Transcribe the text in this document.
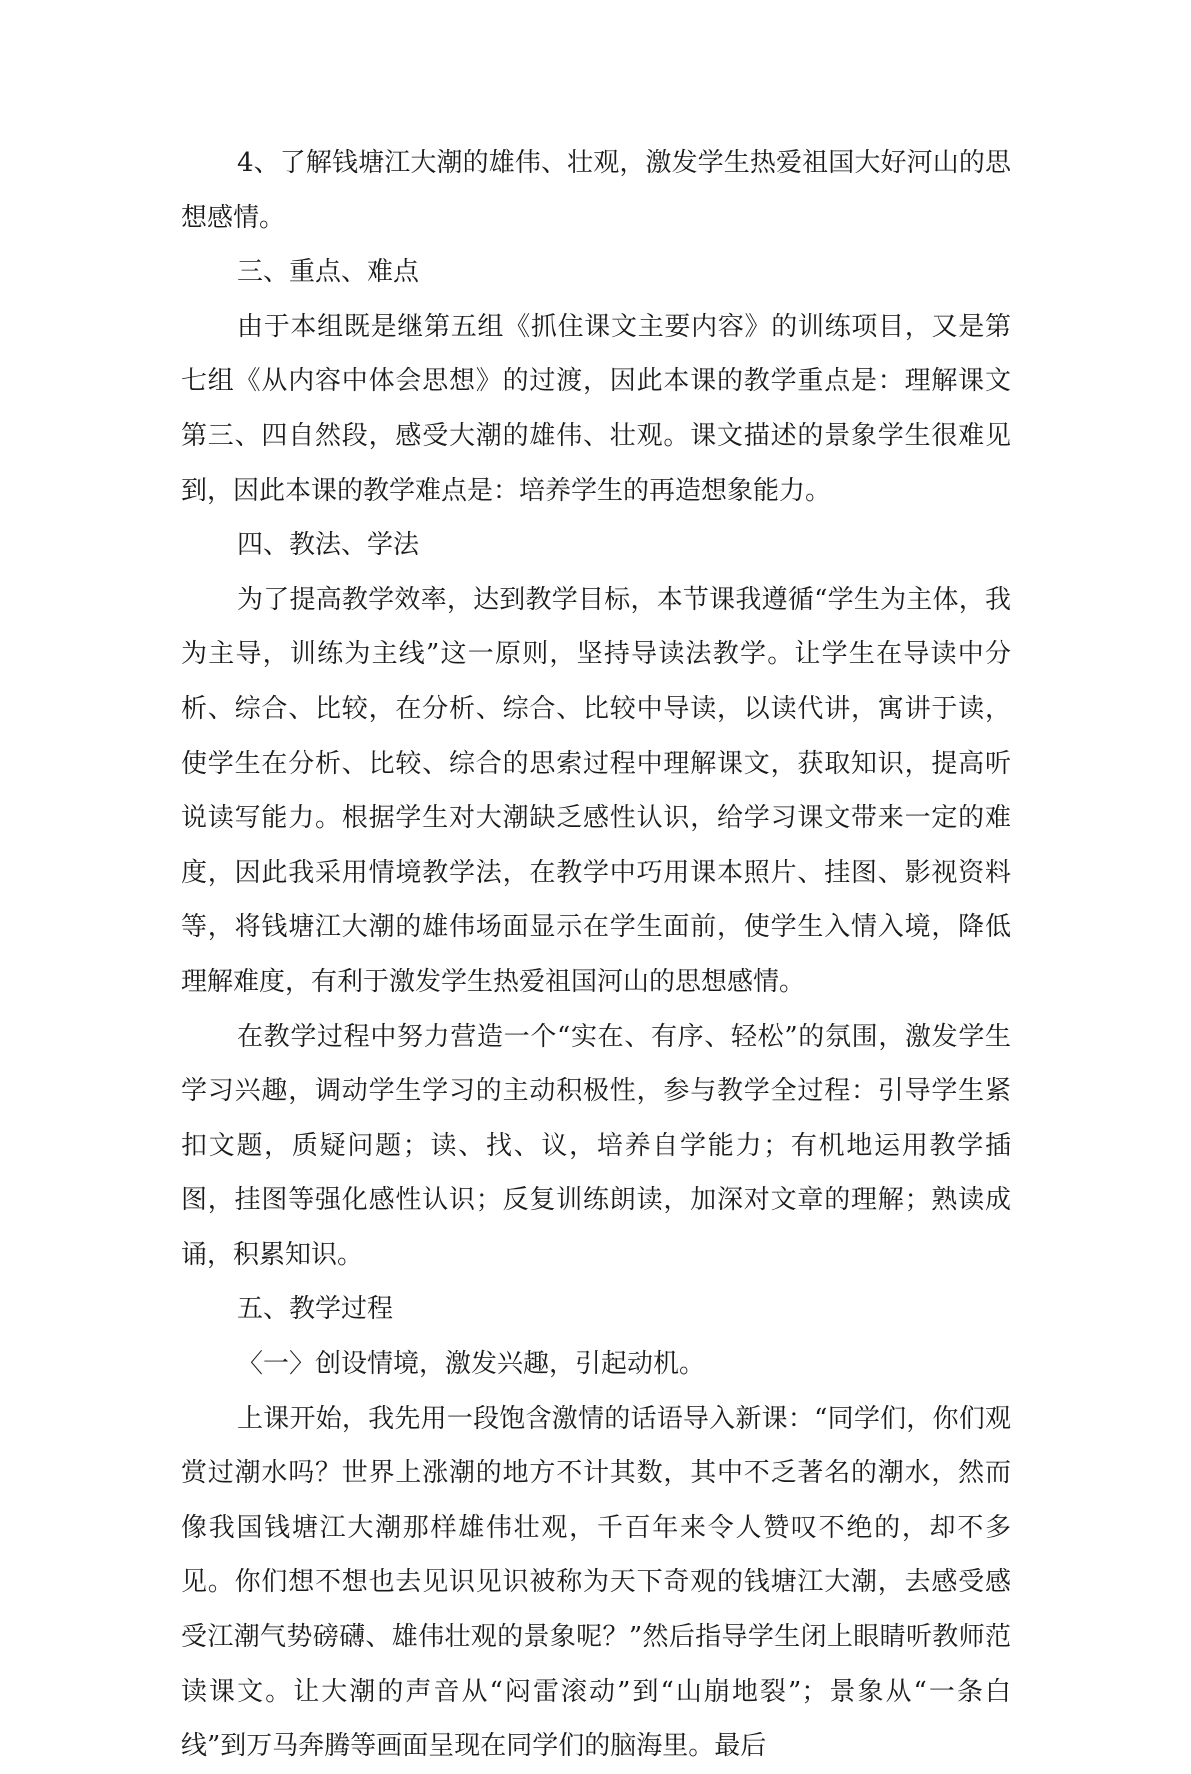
4、了解钱塘江大潮的雄伟、壮观，激发学生热爱祖国大好河山的思想感情。

三、重点、难点

由于本组既是继第五组《抓住课文主要内容》的训练项目，又是第七组《从内容中体会思想》的过渡，因此本课的教学重点是：理解课文第三、四自然段，感受大潮的雄伟、壮观。课文描述的景象学生很难见到，因此本课的教学难点是：培养学生的再造想象能力。

四、教法、学法

为了提高教学效率，达到教学目标，本节课我遵循“学生为主体，我为主导，训练为主线”这一原则，坚持导读法教学。让学生在导读中分析、综合、比较，在分析、综合、比较中导读，以读代讲，寓讲于读，使学生在分析、比较、综合的思索过程中理解课文，获取知识，提高听说读写能力。根据学生对大潮缺乏感性认识，给学习课文带来一定的难度，因此我采用情境教学法，在教学中巧用课本照片、挂图、影视资料等，将钱塘江大潮的雄伟场面显示在学生面前，使学生入情入境，降低理解难度，有利于激发学生热爱祖国河山的思想感情。

在教学过程中努力营造一个“实在、有序、轻松”的氛围，激发学生学习兴趣，调动学生学习的主动积极性，参与教学全过程：引导学生紧扣文题，质疑问题；读、找、议，培养自学能力；有机地运用教学插图，挂图等强化感性认识；反复训练朗读，加深对文章的理解；熟读成诵，积累知识。

五、教学过程

〈一〉创设情境，激发兴趣，引起动机。

上课开始，我先用一段饱含激情的话语导入新课：“同学们，你们观赏过潮水吗？世界上涨潮的地方不计其数，其中不乏著名的潮水，然而像我国钱塘江大潮那样雄伟壮观，千百年来令人赞叹不绝的，却不多见。你们想不想也去见识见识被称为天下奇观的钱塘江大潮，去感受感受江潮气势磅礴、雄伟壮观的景象呢？”然后指导学生闭上眼睛听教师范读课文。让大潮的声音从“闷雷滚动”到“山崩地裂”；景象从“一条白线”到万马奔腾等画面呈现在同学们的脑海里。最后
